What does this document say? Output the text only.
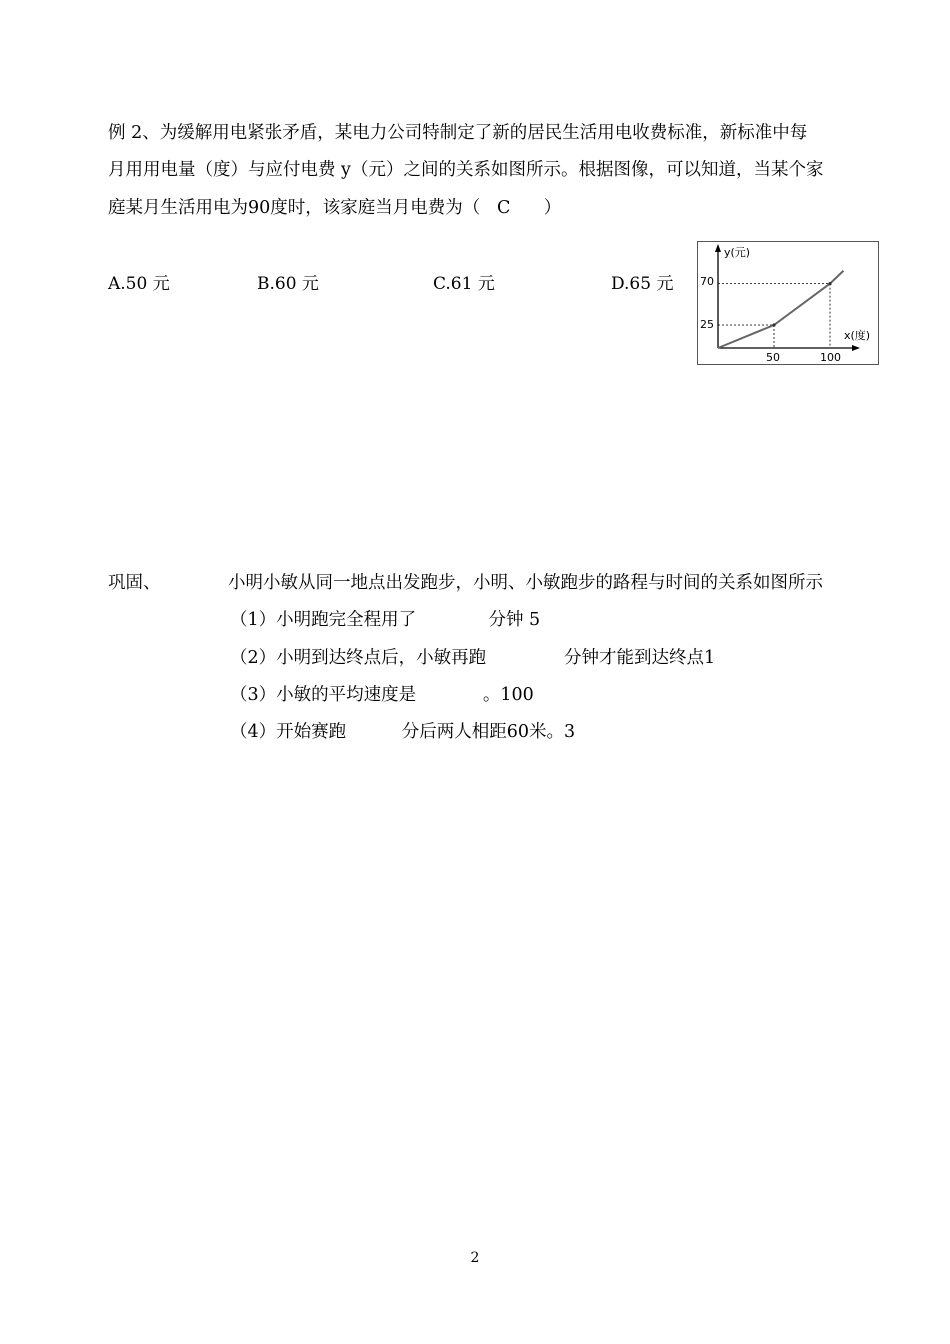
例 2、为缓解用电紧张矛盾，某电力公司特制定了新的居民生活用电收费标准，新标准中每
月用用电量（度）与应付电费 y（元）之间的关系如图所示。根据图像，可以知道，当某个家
庭某月生活用电为90度时，该家庭当月电费为（   C      ）
A.50 元	B.60 元	C.61 元	D.65 元
y(元)
x(度)
70
25
50	100
巩固、	小明小敏从同一地点出发跑步，小明、小敏跑步的路程与时间的关系如图所示
（1）小明跑完全程用了             分钟 5
（2）小明到达终点后，小敏再跑              分钟才能到达终点1
（3）小敏的平均速度是            。100
（4）开始赛跑          分后两人相距60米。3
2
